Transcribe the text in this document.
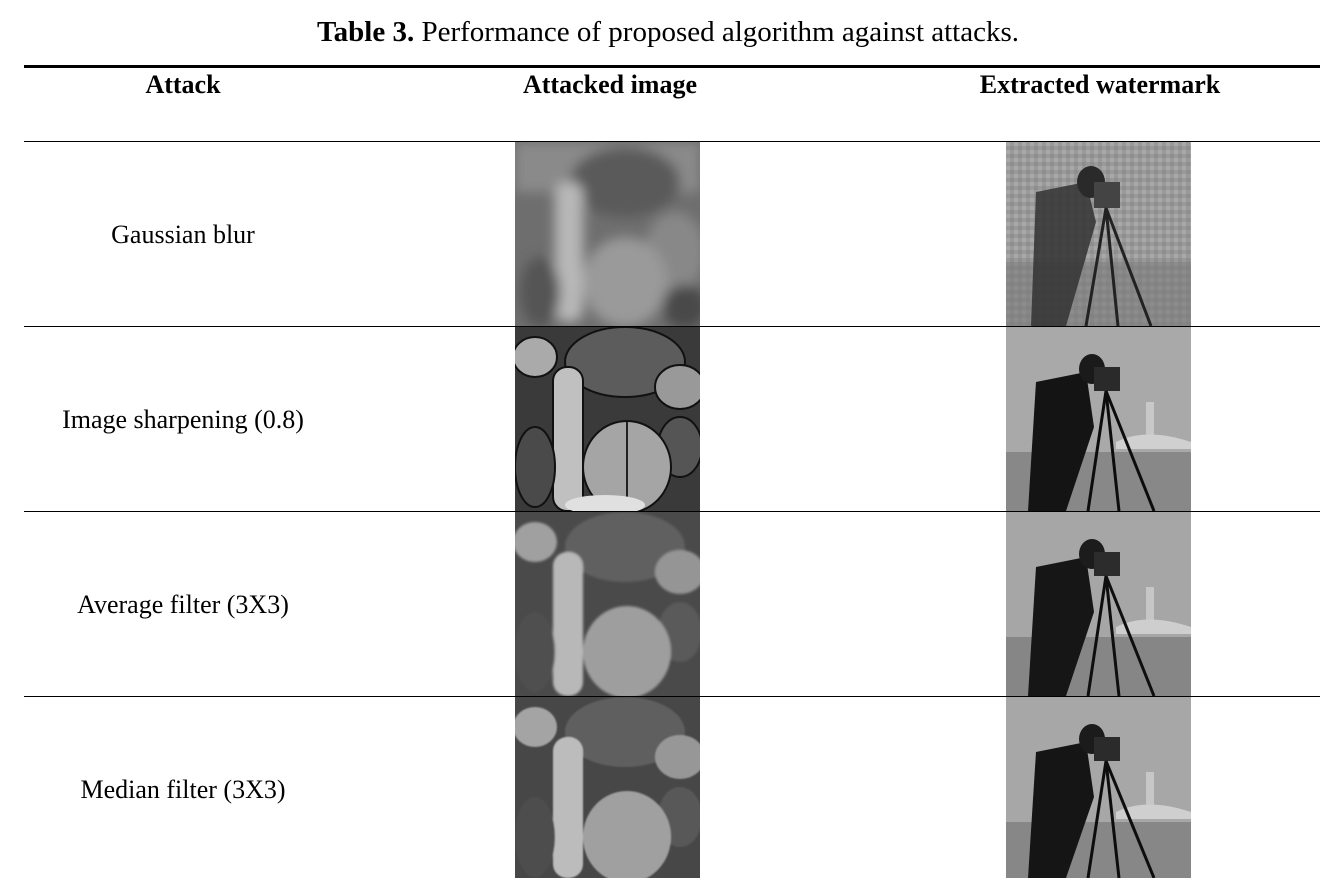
Table 3. Performance of proposed algorithm against attacks.
Attack	Attacked image	Extracted watermark
Gaussian blur
Image sharpening (0.8)
Average filter (3X3)
Median filter (3X3)
